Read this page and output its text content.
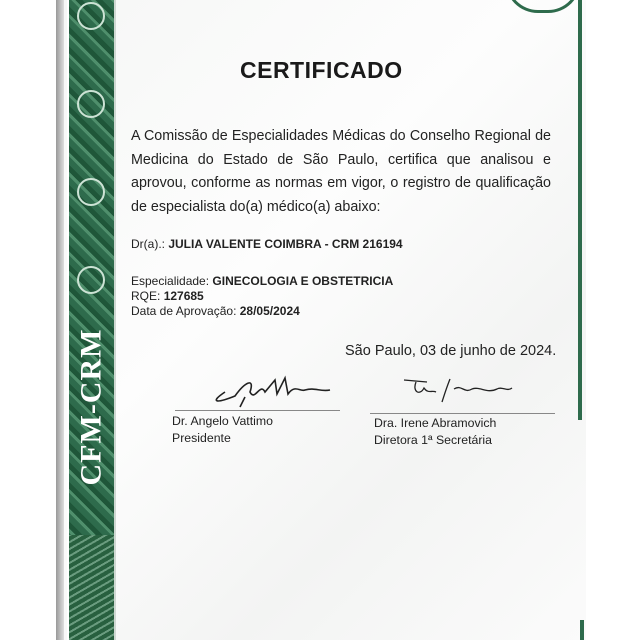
CFM-CRM
CERTIFICADO
A Comissão de Especialidades Médicas do Conselho Regional de Medicina do Estado de São Paulo, certifica que analisou e aprovou, conforme as normas em vigor, o registro de qualificação de especialista do(a) médico(a) abaixo:
Dr(a).: JULIA VALENTE COIMBRA - CRM 216194
Especialidade: GINECOLOGIA E OBSTETRICIA
RQE: 127685
Data de Aprovação: 28/05/2024
São Paulo, 03 de junho de 2024.
Dr. Angelo Vattimo
Presidente
Dra. Irene Abramovich
Diretora 1ª Secretária
